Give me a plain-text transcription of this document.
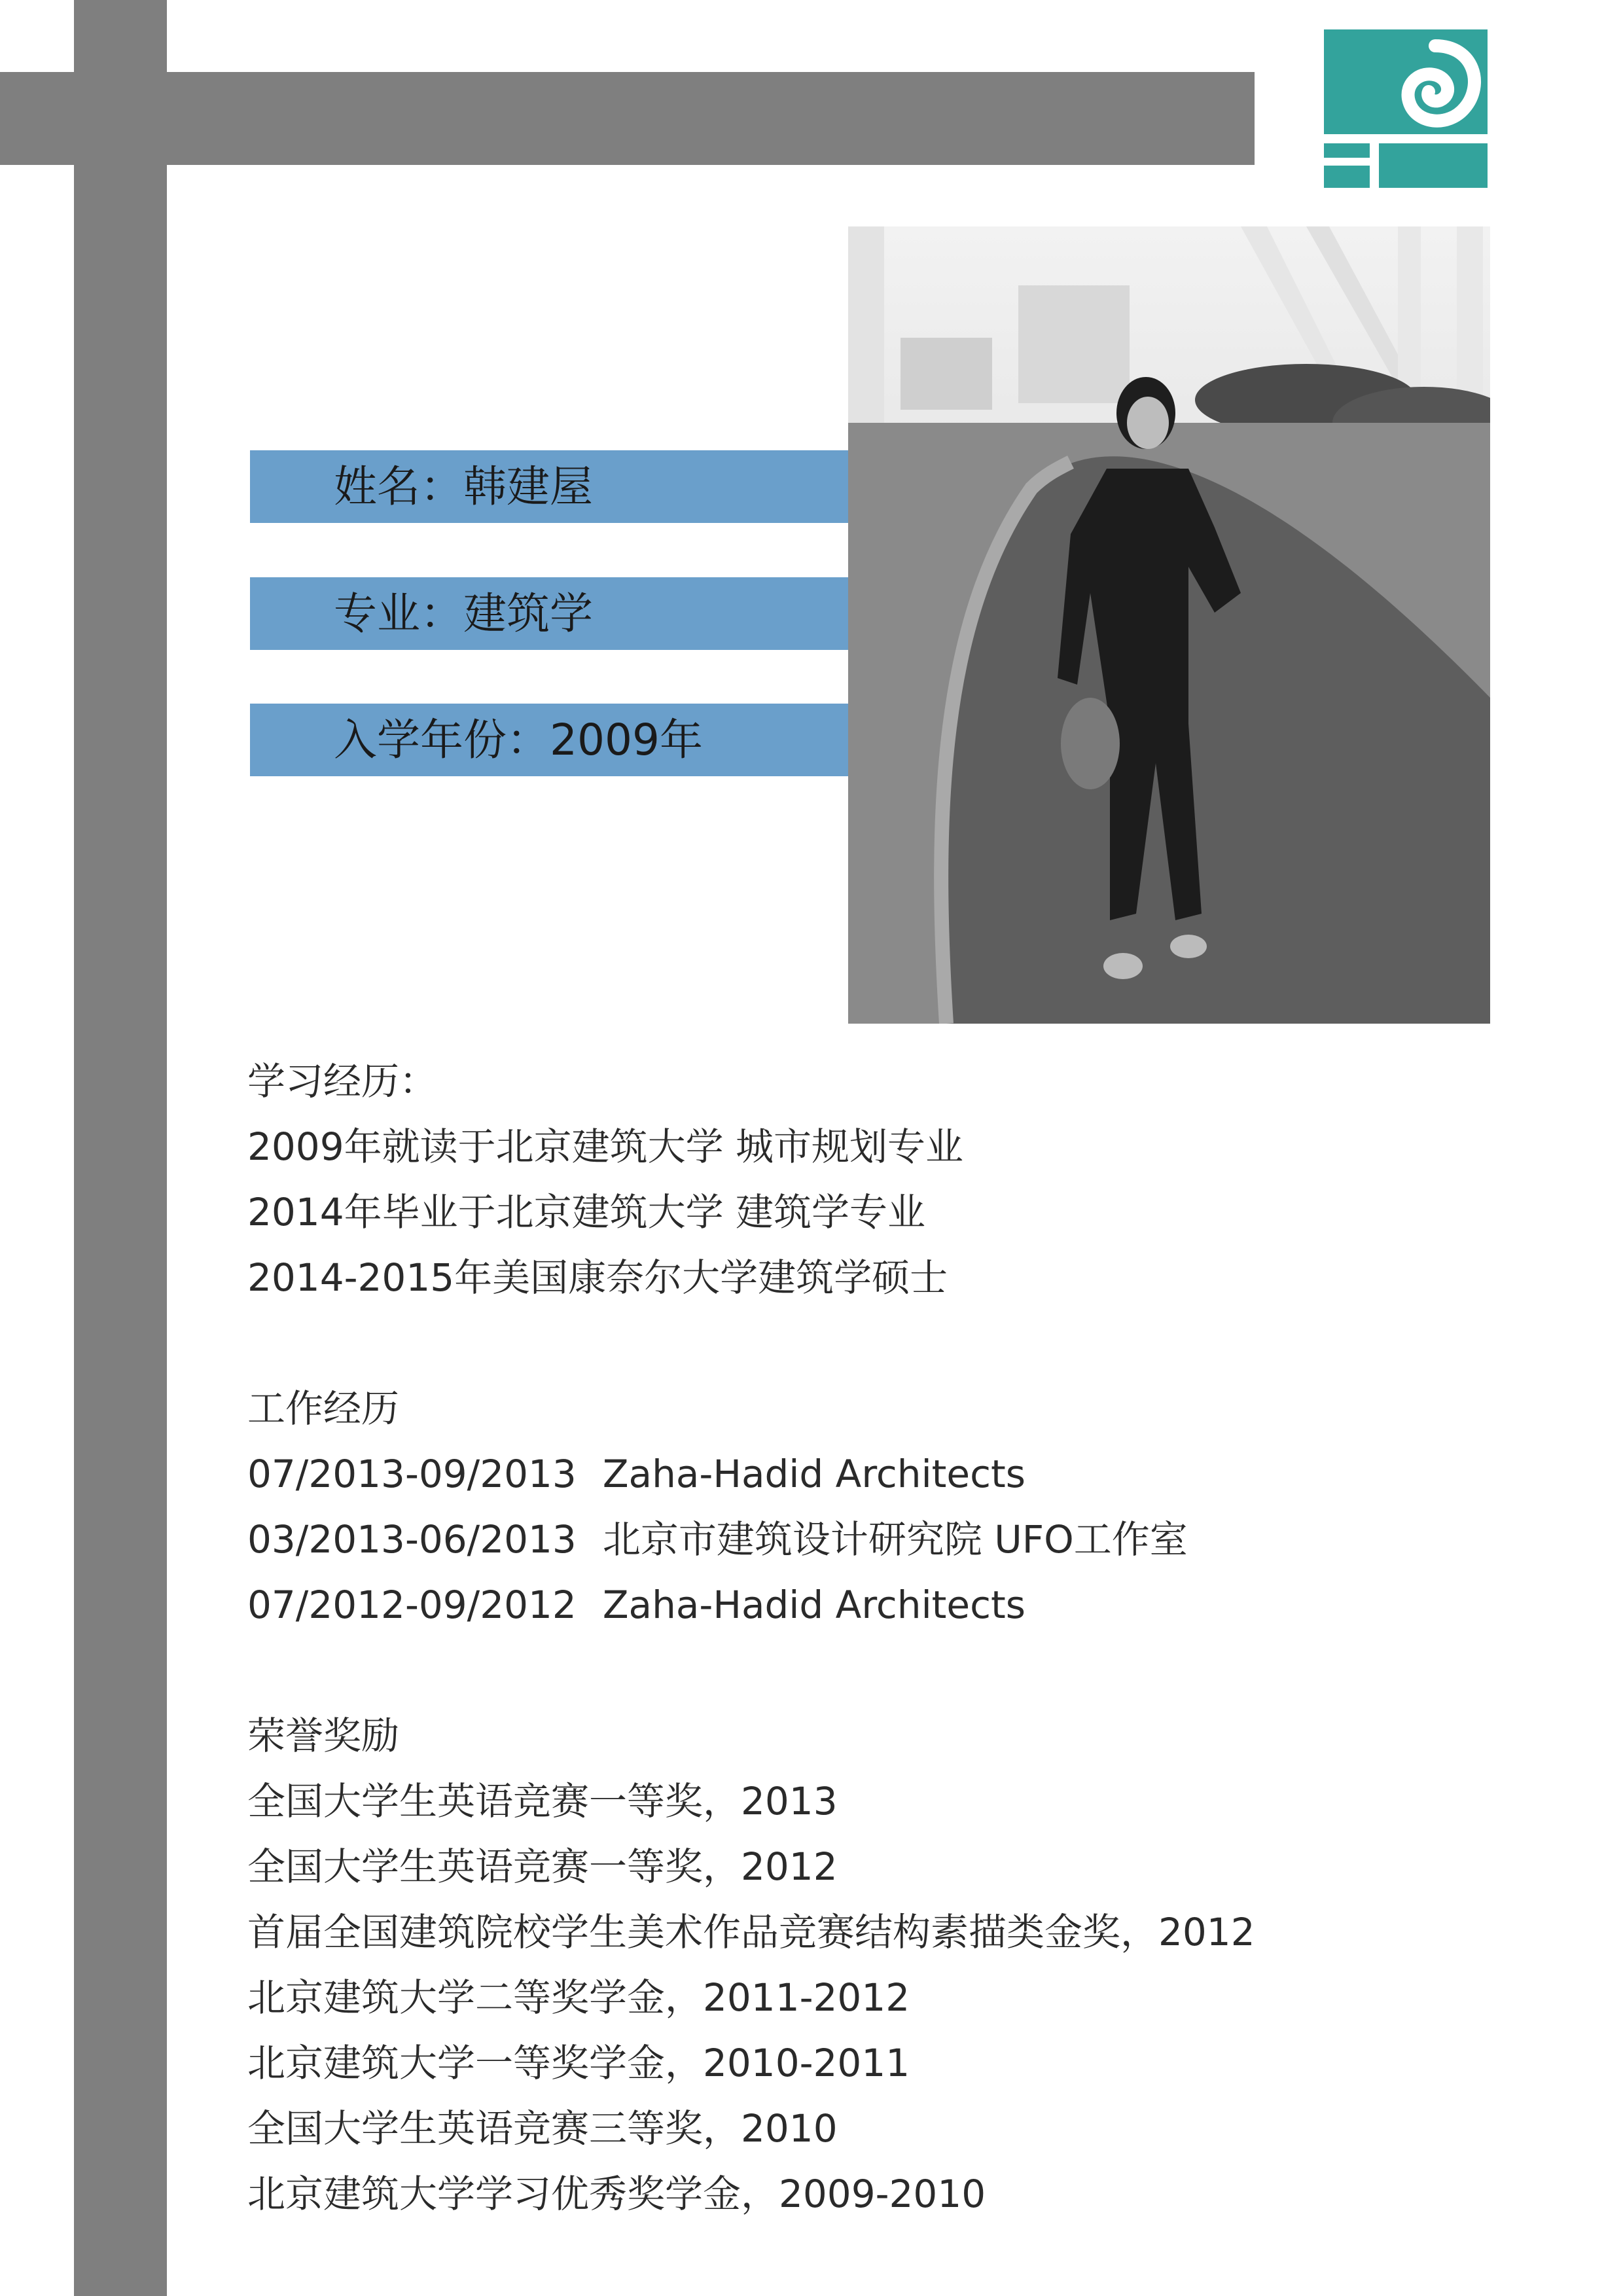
姓名：韩建屋
专业：建筑学
入学年份：2009年
学习经历：
2009年就读于北京建筑大学 城市规划专业
2014年毕业于北京建筑大学 建筑学专业
2014-2015年美国康奈尔大学建筑学硕士
工作经历
07/2013-09/2013 Zaha-Hadid Architects
03/2013-06/2013 北京市建筑设计研究院 UFO工作室
07/2012-09/2012 Zaha-Hadid Architects
荣誉奖励
全国大学生英语竞赛一等奖，2013
全国大学生英语竞赛一等奖，2012
首届全国建筑院校学生美术作品竞赛结构素描类金奖，2012
北京建筑大学二等奖学金，2011-2012
北京建筑大学一等奖学金，2010-2011
全国大学生英语竞赛三等奖，2010
北京建筑大学学习优秀奖学金，2009-2010
